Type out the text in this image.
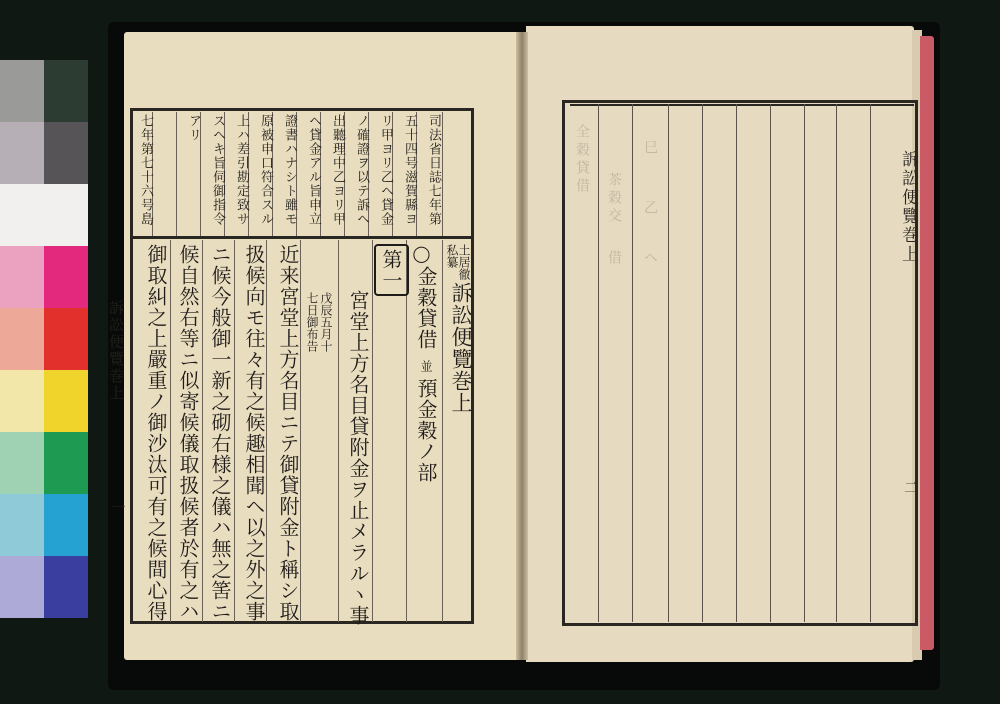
司法省日誌七年第
五十四号滋賀縣ヨ
リ甲ヨリ乙ヘ貸金
ノ確證ヲ以テ訴ヘ
出聽理中乙ヨリ甲
ヘ貸金アル旨申立
證書ハナシト雖モ
原被申口符合スル
上ハ差引勘定致サ
スヘキ旨伺御指令
アリ
七年第七十六号島
土居徹
私纂
訴訟便覽巻上
◯
金穀貸借
並
預金穀ノ部
第一
宮堂上方名目貸附金ヲ止メラルヽ事
戊辰五月十
七日御布告
近来宮堂上方名目ニテ御貸附金ト稱シ取
扱候向モ往々有之候趣相聞ヘ以之外之事
ニ候今般御一新之砌右様之儀ハ無之筈ニ
候自然右等ニ似寄候儀取扱候者於有之ハ
御取糾之上嚴重ノ御沙汰可有之候間心得
訴訟便覽巻上
一
全穀貸借
茶穀交
借
巳
乙
ヘ	訴訟便覽巻上
二
